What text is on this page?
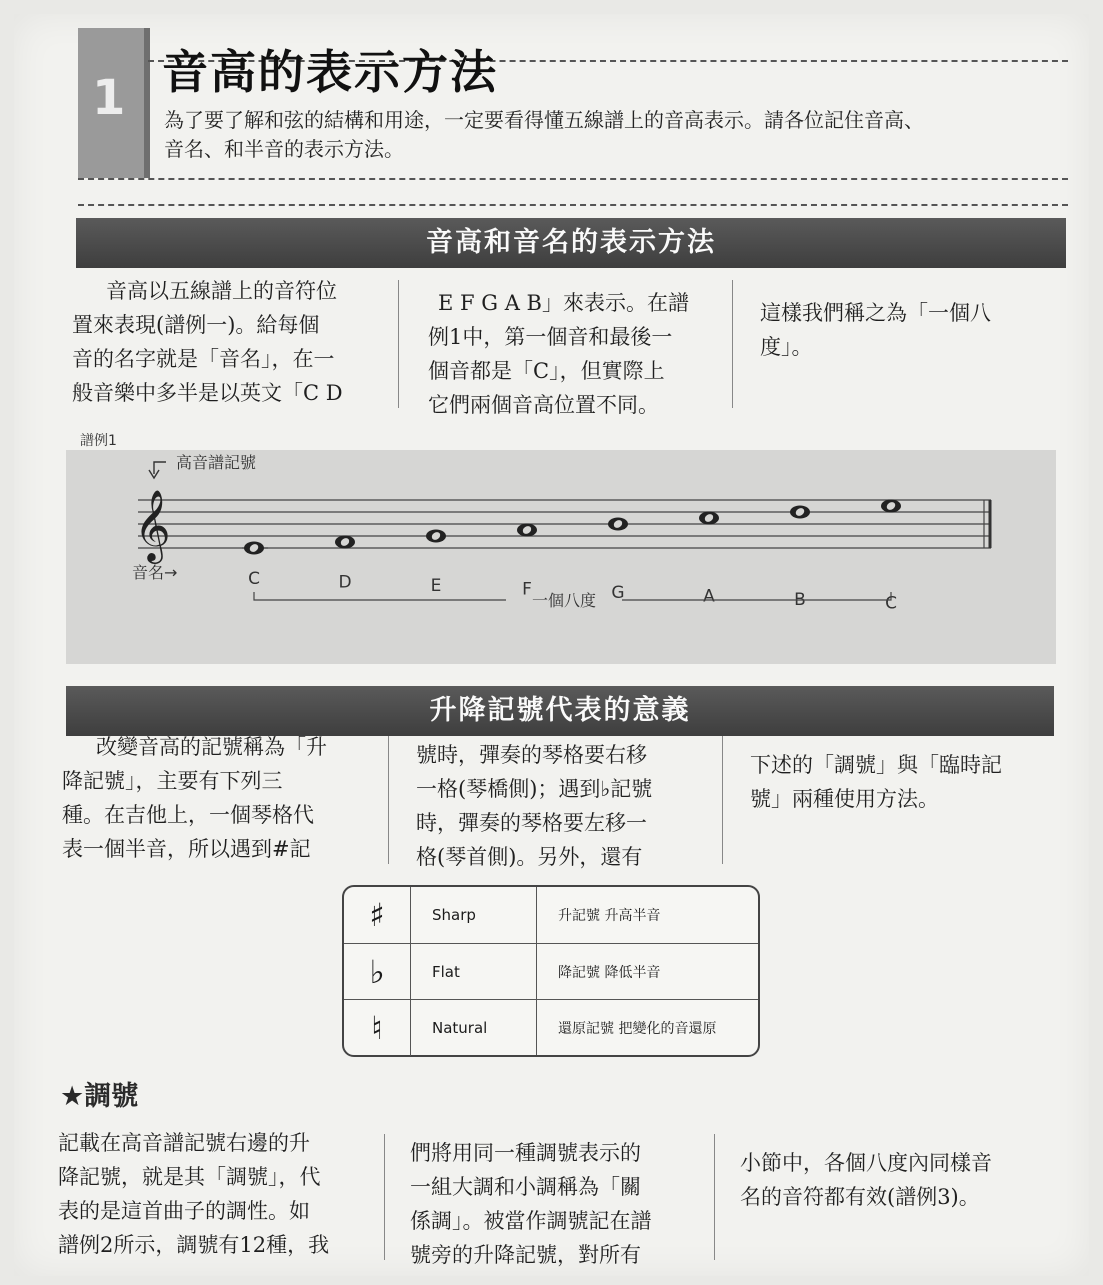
1 音高的表示方法
為了要了解和弦的結構和用途，一定要看得懂五線譜上的音高表示。請各位記住音高、
音名、和半音的表示方法。
音高和音名的表示方法
音高以五線譜上的音符位
置來表現(譜例一)。給每個
音的名字就是「音名」，在一
般音樂中多半是以英文「C D
E F G A B」來表示。在譜
例1中，第一個音和最後一
個音都是「C」，但實際上
它們兩個音高位置不同。
這樣我們稱之為「一個八
度」。
譜例1
高音譜記號
𝄞
C	D	E	F	G	A	B	C
音名→
一個八度
升降記號代表的意義
改變音高的記號稱為「升
降記號」，主要有下列三
種。在吉他上，一個琴格代
表一個半音，所以遇到#記
號時，彈奏的琴格要右移
一格(琴橋側)；遇到♭記號
時，彈奏的琴格要左移一
格(琴首側)。另外，還有
下述的「調號」與「臨時記
號」兩種使用方法。
♯	Sharp	升記號 升高半音
♭	Flat	降記號 降低半音
♮	Natural	還原記號 把變化的音還原
★調號
記載在高音譜記號右邊的升
降記號，就是其「調號」，代
表的是這首曲子的調性。如
譜例2所示，調號有12種，我
們將用同一種調號表示的
一組大調和小調稱為「關
係調」。被當作調號記在譜
號旁的升降記號，對所有
小節中，各個八度內同樣音
名的音符都有效(譜例3)。
